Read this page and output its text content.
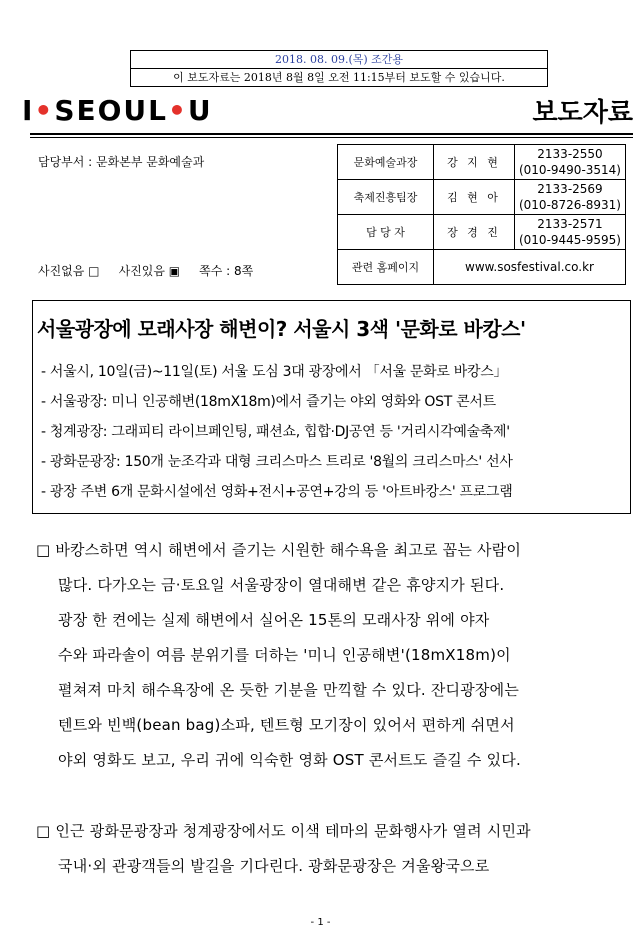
2018. 08. 09.(목) 조간용
이 보도자료는 2018년 8월 8일 오전 11:15부터 보도할 수 있습니다.
I•SEOUL•U	보도자료
담당부서 : 문화본부 문화예술과
사진없음 □     사진있음 ▣     쪽수 : 8쪽
문화예술과장	강 지 현	2133-2550
(010-9490-3514)

축제진흥팀장	김 현 아	2133-2569
(010-8726-8931)

담 당 자	장 경 진	2133-2571
(010-9445-9595)

관련 홈페이지	www.sosfestival.co.kr	
서울광장에 모래사장 해변이? 서울시 3색 '문화로 바캉스'
- 서울시, 10일(금)~11일(토) 서울 도심 3대 광장에서 「서울 문화로 바캉스」
- 서울광장: 미니 인공해변(18mX18m)에서 즐기는 야외 영화와 OST 콘서트
- 청계광장: 그래피티 라이브페인팅, 패션쇼, 힙합·DJ공연 등 '거리시각예술축제'
- 광화문광장: 150개 눈조각과 대형 크리스마스 트리로 '8월의 크리스마스' 선사
- 광장 주변 6개 문화시설에선 영화+전시+공연+강의 등 '아트바캉스' 프로그램
□ 바캉스하면 역시 해변에서 즐기는 시원한 해수욕을 최고로 꼽는 사람이
많다. 다가오는 금·토요일 서울광장이 열대해변 같은 휴양지가 된다.
광장 한 켠에는 실제 해변에서 실어온 15톤의 모래사장 위에 야자
수와 파라솔이 여름 분위기를 더하는 '미니 인공해변'(18mX18m)이
펼쳐져 마치 해수욕장에 온 듯한 기분을 만끽할 수 있다. 잔디광장에는
텐트와 빈백(bean bag)소파, 텐트형 모기장이 있어서 편하게 쉬면서
야외 영화도 보고, 우리 귀에 익숙한 영화 OST 콘서트도 즐길 수 있다.
□ 인근 광화문광장과 청계광장에서도 이색 테마의 문화행사가 열려 시민과
국내·외 관광객들의 발길을 기다린다. 광화문광장은 겨울왕국으로
- 1 -
